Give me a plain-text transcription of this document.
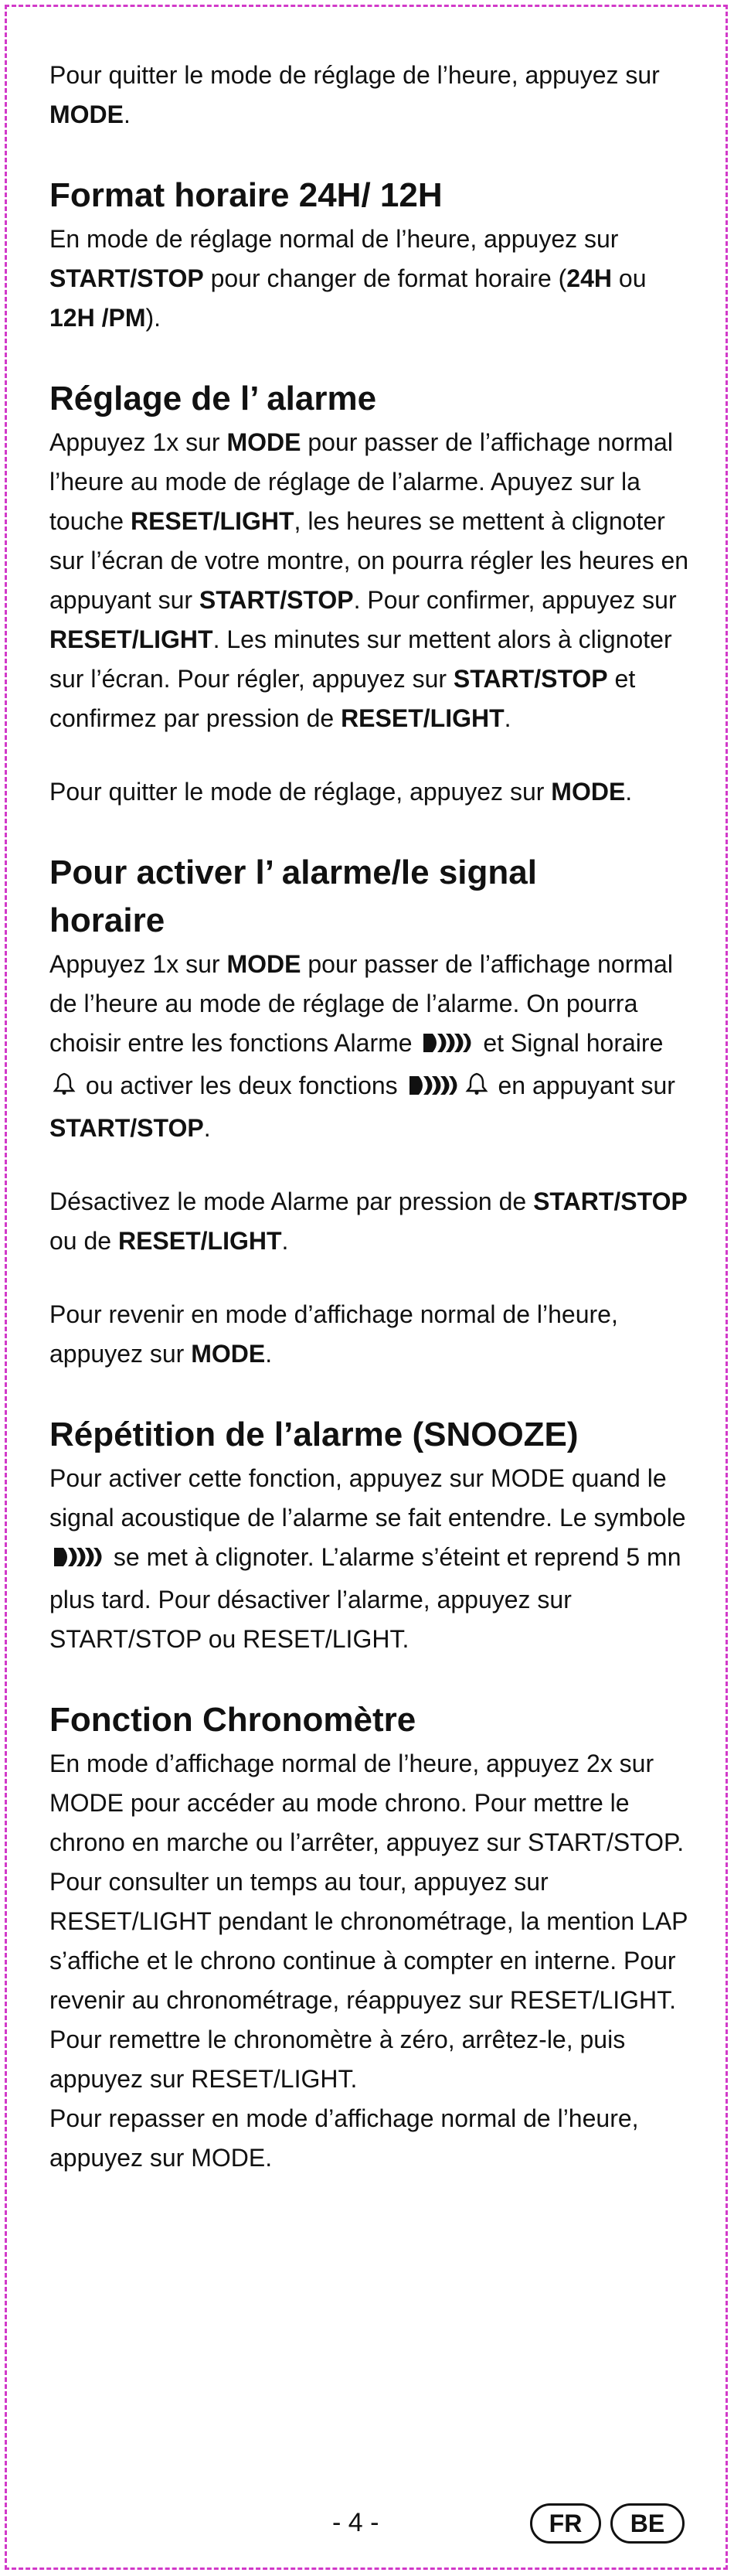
Pour quitter le mode de réglage de l’heure, appuyez sur MODE.

Format horaire 24H/ 12H

En mode de réglage normal de l’heure, appuyez sur START/STOP pour changer de format horaire (24H ou 12H /PM).

Réglage de l’ alarme

Appuyez 1x sur MODE pour passer de l’affichage normal l’heure au mode de réglage de l’alarme. Apuyez sur la touche RESET/LIGHT, les heures se mettent à clignoter sur l’écran de votre montre, on pourra régler les heures en appuyant sur START/STOP. Pour confirmer, appuyez sur RESET/LIGHT. Les minutes sur mettent alors à clignoter sur l’écran. Pour régler, appuyez sur START/STOP et confirmez par pression de RESET/LIGHT.

Pour quitter le mode de réglage, appuyez sur MODE.

Pour activer l’ alarme/le signal
horaire

Appuyez 1x sur MODE pour passer de l’affichage normal de l’heure au mode de réglage de l’alarme. On pourra choisir entre les fonctions Alarme  et Signal horaire  ou activer les deux fonctions	en appuyant sur START/STOP.

Désactivez le mode Alarme par pression de START/STOP ou de RESET/LIGHT.

Pour revenir en mode d’affichage normal de l’heure, appuyez sur MODE.

Répétition de l’alarme (SNOOZE)

Pour activer cette fonction, appuyez sur MODE quand le signal acoustique de l’alarme se fait entendre. Le symbole  se met à clignoter. L’alarme s’éteint et reprend 5 mn plus tard. Pour désactiver l’alarme, appuyez sur START/STOP ou RESET/LIGHT.

Fonction Chronomètre

En mode d’affichage normal de l’heure, appuyez 2x sur MODE pour accéder au mode chrono. Pour mettre le chrono en marche ou l’arrêter, appuyez sur START/STOP. Pour consulter un temps au tour, appuyez sur RESET/LIGHT pendant le chronométrage, la mention LAP s’affiche et le chrono continue à compter en interne. Pour revenir au chronométrage, réappuyez sur RESET/LIGHT. Pour remettre le chronomètre à zéro, arrêtez-le, puis appuyez sur RESET/LIGHT.

Pour repasser en mode d’affichage normal de l’heure, appuyez sur MODE.

- 4 -	FR	BE
